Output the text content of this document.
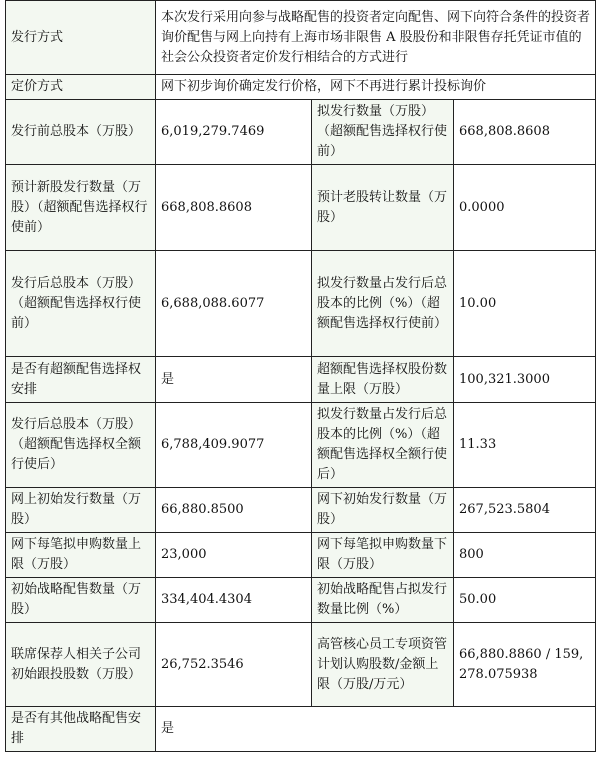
发行方式	本次发行采用向参与战略配售的投资者定向配售、网下向符合条件的投资者询价配售与网上向持有上海市场非限售 A 股股份和非限售存托凭证市值的社会公众投资者定价发行相结合的方式进行		
定价方式	网下初步询价确定发行价格，网下不再进行累计投标询价		
发行前总股本（万股）	6,019,279.7469	拟发行数量（万股）（超额配售选择权行使前）	668,808.8608
预计新股发行数量（万股）（超额配售选择权行使前）	668,808.8608	预计老股转让数量（万股）	0.0000
发行后总股本（万股）（超额配售选择权行使前）	6,688,088.6077	拟发行数量占发行后总股本的比例（%）（超额配售选择权行使前）	10.00
是否有超额配售选择权安排	是	超额配售选择权股份数量上限（万股）	100,321.3000
发行后总股本（万股）（超额配售选择权全额行使后）	6,788,409.9077	拟发行数量占发行后总股本的比例（%）（超额配售选择权全额行使后）	11.33
网上初始发行数量（万股）	66,880.8500	网下初始发行数量（万股）	267,523.5804
网下每笔拟申购数量上限（万股）	23,000	网下每笔拟申购数量下限（万股）	800
初始战略配售数量（万股）	334,404.4304	初始战略配售占拟发行数量比例（%）	50.00
联席保荐人相关子公司初始跟投股数（万股）	26,752.3546	高管核心员工专项资管计划认购股数/金额上限（万股/万元）	66,880.8860 / 159,278.075938
是否有其他战略配售安排	是		
